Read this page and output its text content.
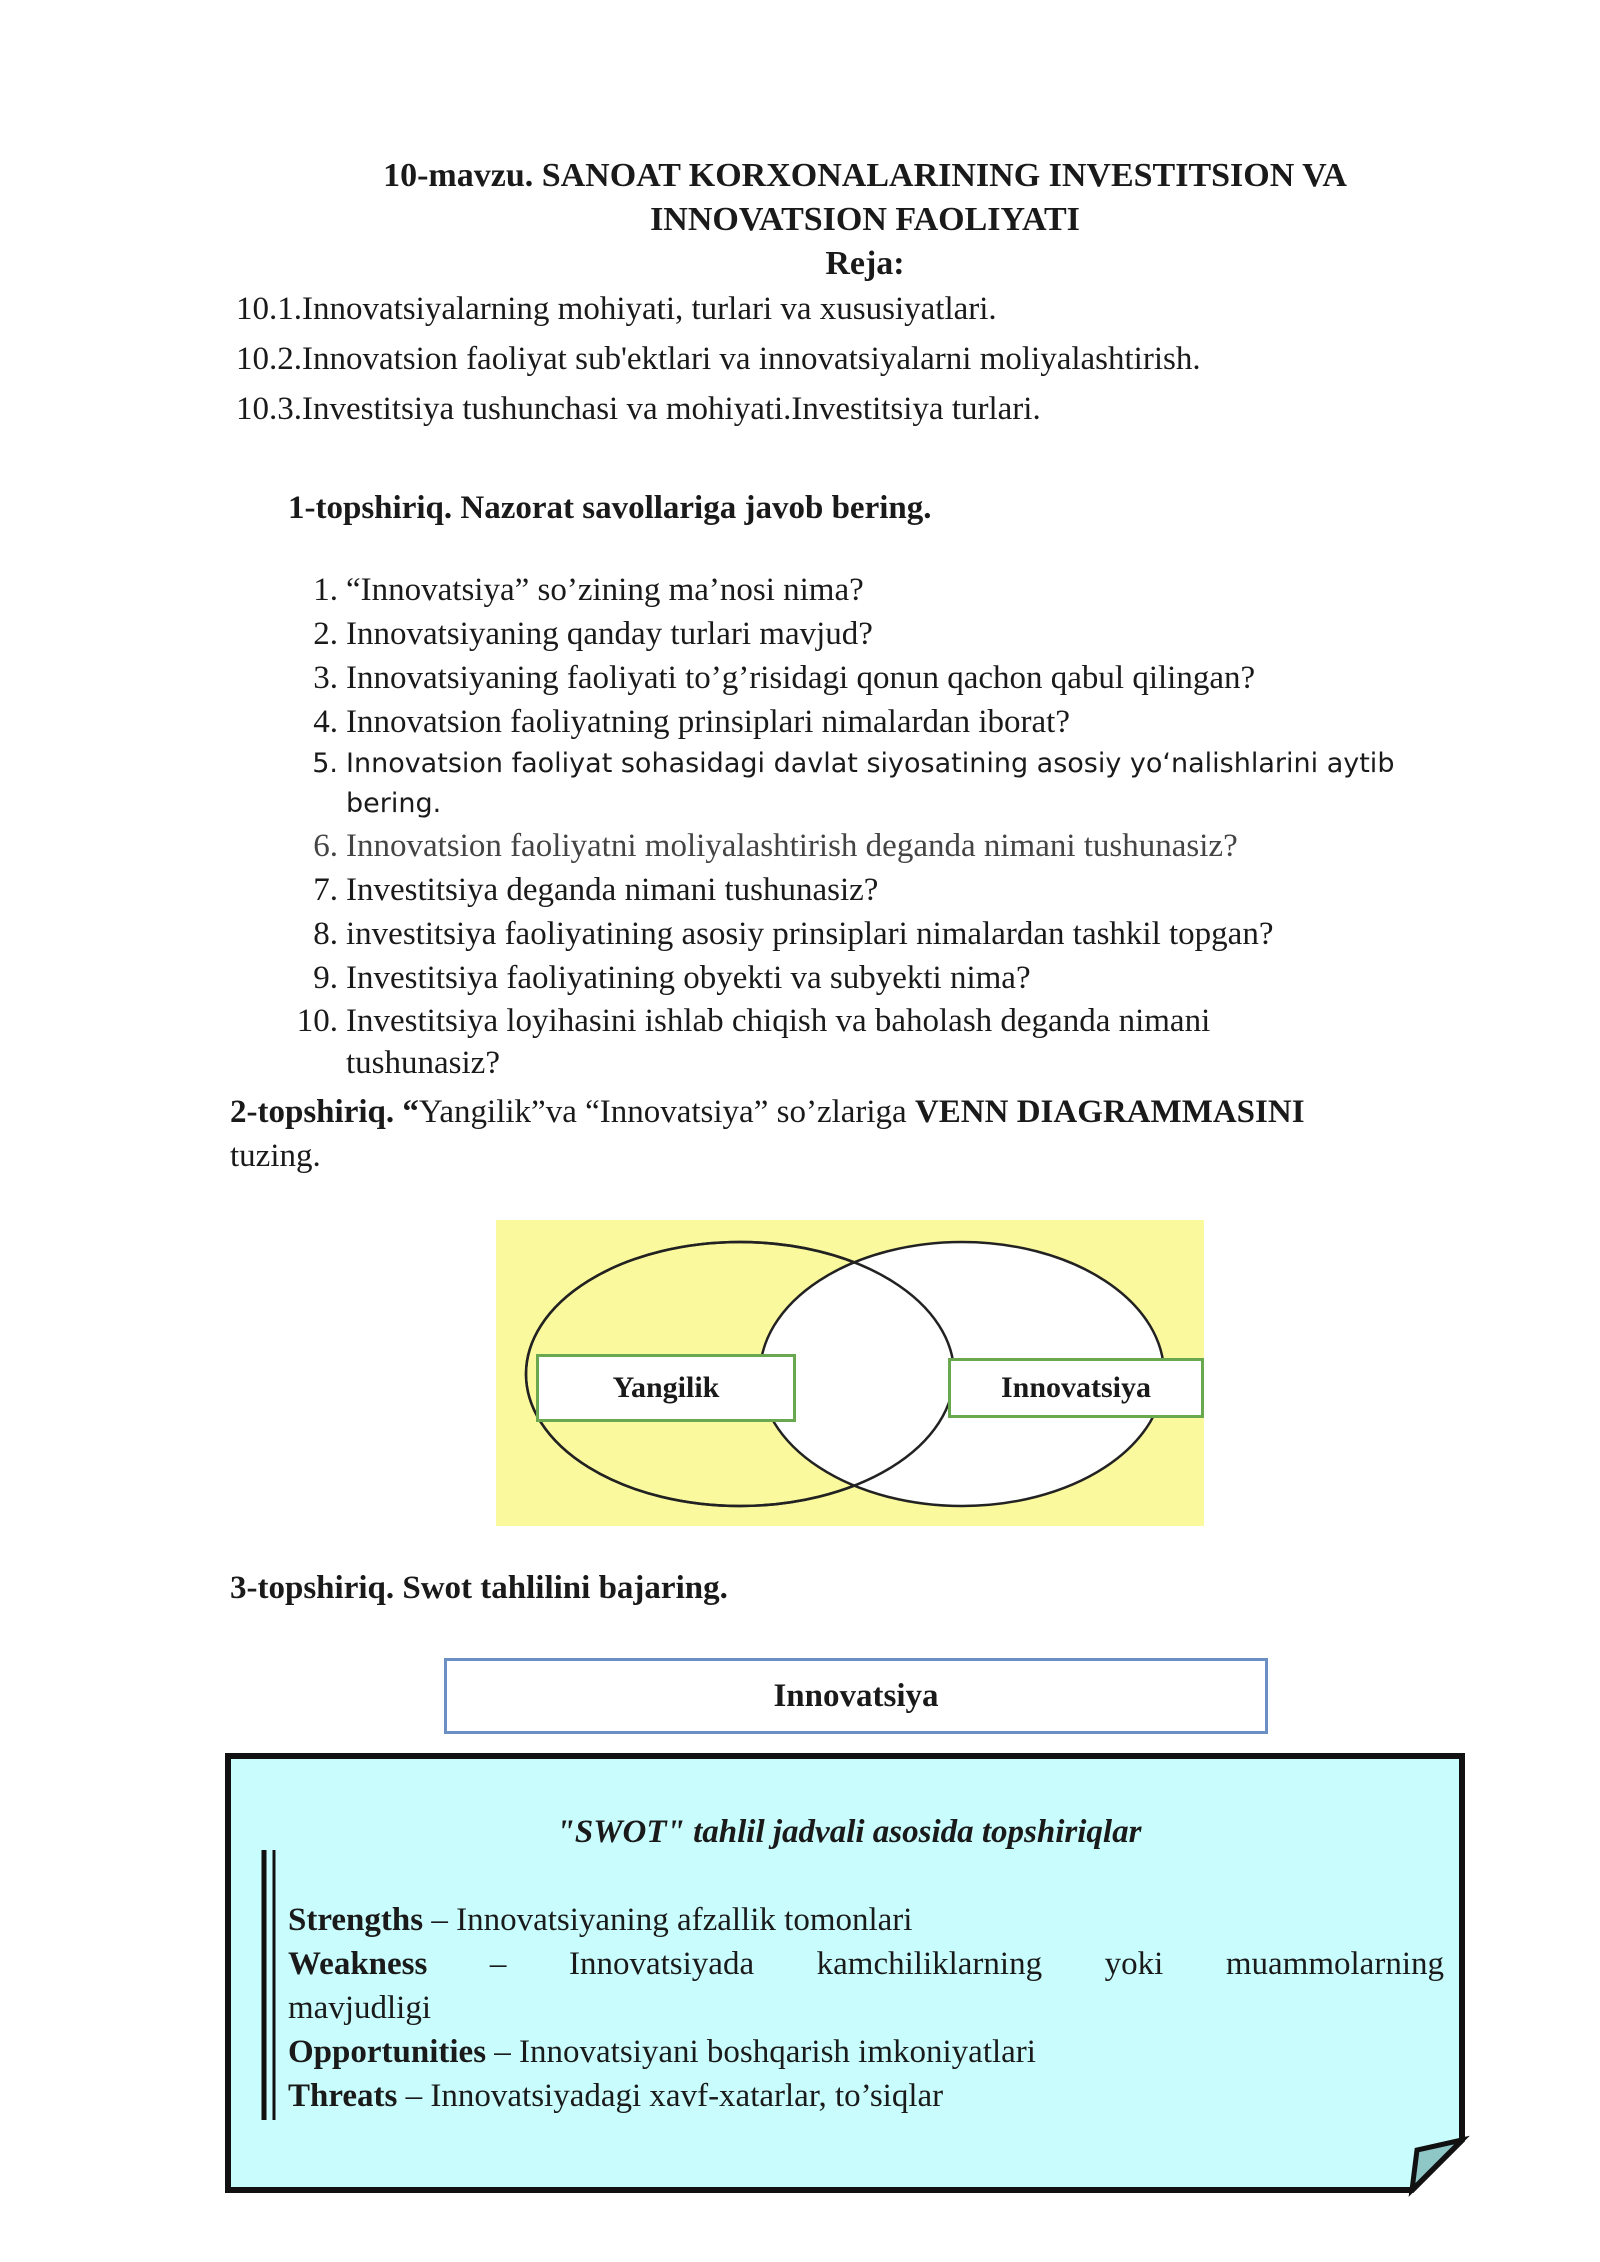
10-mavzu. SANOAT KORXONALARINING INVESTITSION VA
INNOVATSION FAOLIYATI
Reja:
10.1.Innovatsiyalarning mohiyati, turlari va xususiyatlari.
10.2.Innovatsion faoliyat sub'ektlari va innovatsiyalarni moliyalashtirish.
10.3.Investitsiya tushunchasi va mohiyati.Investitsiya turlari.
1-topshiriq. Nazorat savollariga javob bering.
1. “Innovatsiya” so’zining ma’nosi nima?
2. Innovatsiyaning qanday turlari mavjud?
3. Innovatsiyaning faoliyati to’g’risidagi qonun qachon qabul qilingan?
4. Innovatsion faoliyatning prinsiplari nimalardan iborat?
5. Innovatsion faoliyat sohasidagi davlat siyosatining asosiy yo‘nalishlarini aytib bering.
6. Innovatsion faoliyatni moliyalashtirish deganda nimani tushunasiz?
7. Investitsiya deganda nimani tushunasiz?
8. investitsiya faoliyatining asosiy prinsiplari nimalardan tashkil topgan?
9. Investitsiya faoliyatining obyekti va subyekti nima?
10. Investitsiya loyihasini ishlab chiqish va baholash deganda nimani tushunasiz?
2-topshiriq. “Yangilik”va “Innovatsiya” so’zlariga VENN DIAGRAMMASINI
tuzing.
Yangilik	Innovatsiya
3-topshiriq. Swot tahlilini bajaring.
Innovatsiya
"SWOT" tahlil jadvali asosida topshiriqlar
Strengths – Innovatsiyaning afzallik tomonlari
Weakness – Innovatsiyada kamchiliklarning yoki muammolarning
mavjudligi
Opportunities – Innovatsiyani boshqarish imkoniyatlari
Threats – Innovatsiyadagi xavf-xatarlar, to’siqlar
